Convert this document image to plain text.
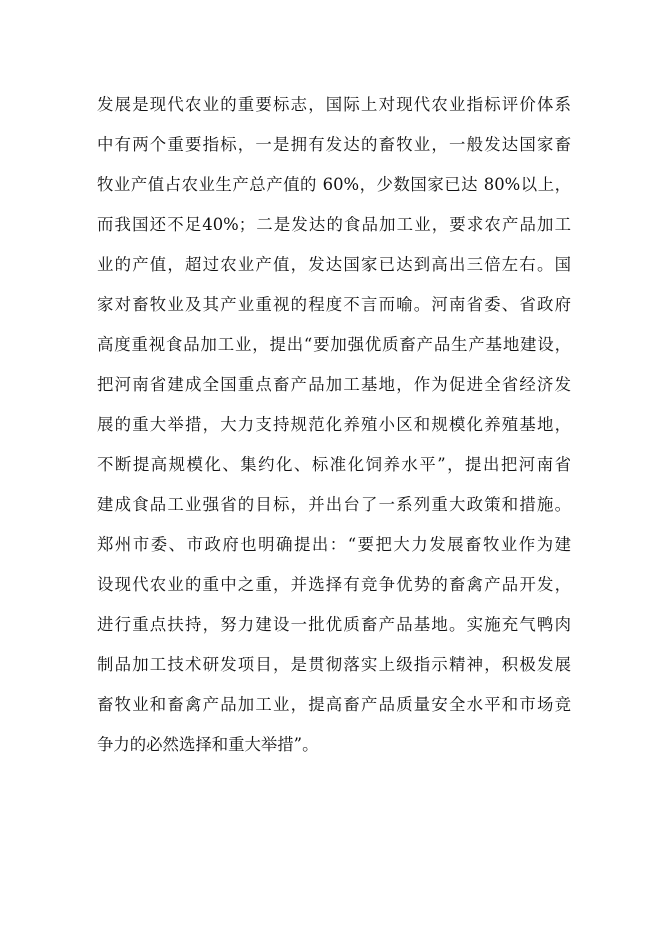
发展是现代农业的重要标志，国际上对现代农业指标评价体系
中有两个重要指标，一是拥有发达的畜牧业，一般发达国家畜
牧业产值占农业生产总产值的 60%，少数国家已达 80%以上，
而我国还不足40%；二是发达的食品加工业，要求农产品加工
业的产值，超过农业产值，发达国家已达到高出三倍左右。国
家对畜牧业及其产业重视的程度不言而喻。河南省委、省政府
高度重视食品加工业，提出“要加强优质畜产品生产基地建设，
把河南省建成全国重点畜产品加工基地，作为促进全省经济发
展的重大举措，大力支持规范化养殖小区和规模化养殖基地，
不断提高规模化、集约化、标准化饲养水平”，提出把河南省
建成食品工业强省的目标，并出台了一系列重大政策和措施。
郑州市委、市政府也明确提出：“要把大力发展畜牧业作为建
设现代农业的重中之重，并选择有竞争优势的畜禽产品开发，
进行重点扶持，努力建设一批优质畜产品基地。实施充气鸭肉
制品加工技术研发项目，是贯彻落实上级指示精神，积极发展
畜牧业和畜禽产品加工业，提高畜产品质量安全水平和市场竞
争力的必然选择和重大举措”。
